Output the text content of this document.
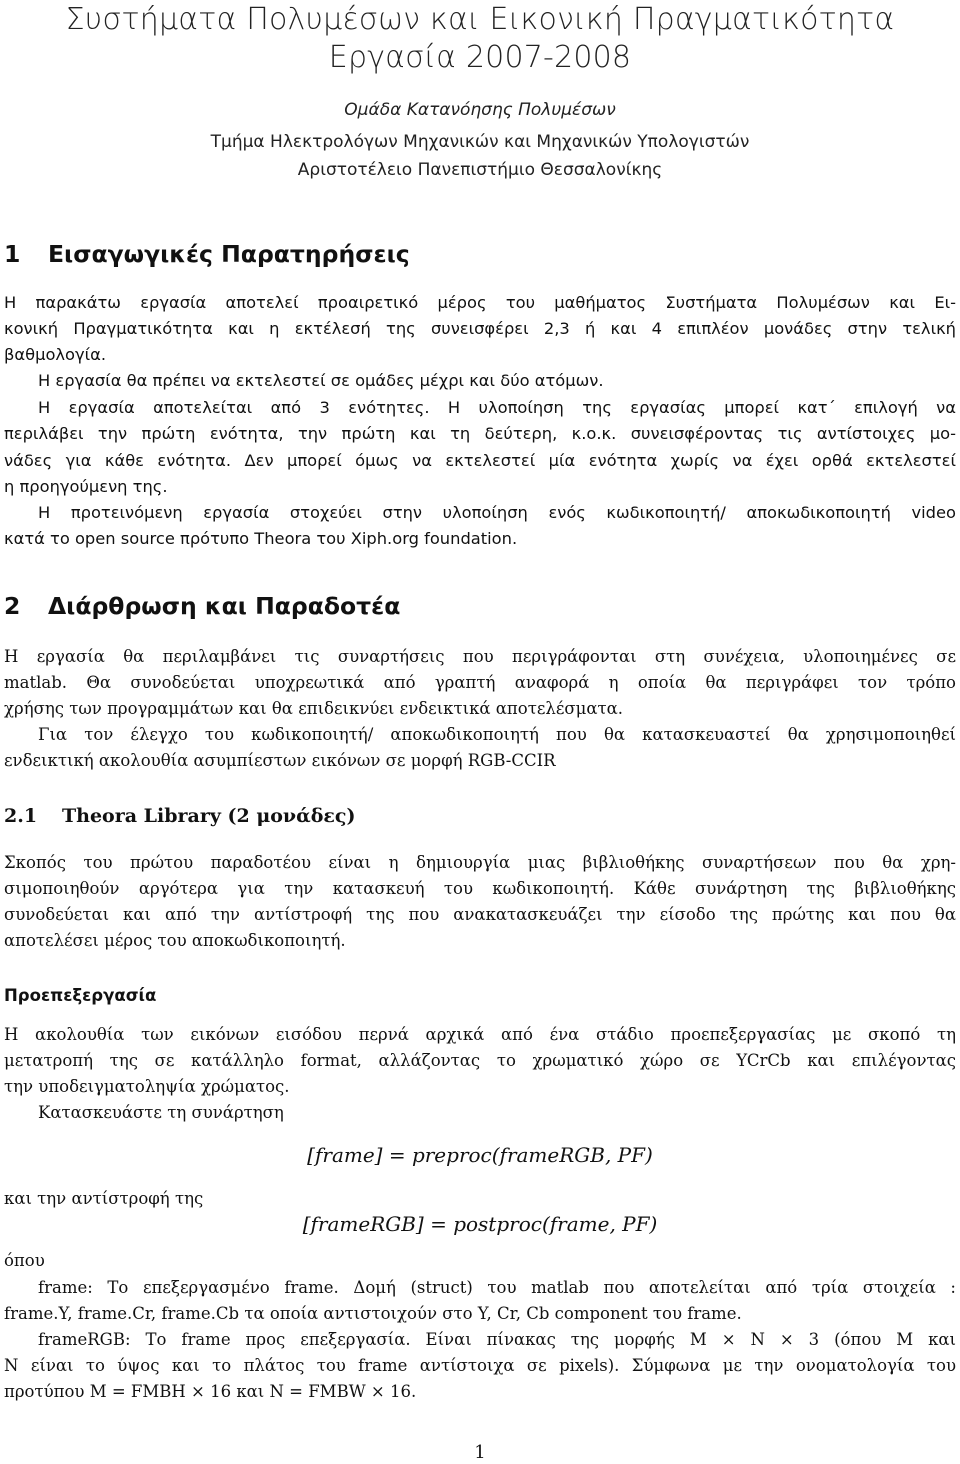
Συστήματα Πολυμέσων και Εικονική Πραγματικότητα
Εργασία 2007-2008
Ομάδα Κατανόησης Πολυμέσων
Τμήμα Ηλεκτρολόγων Μηχανικών και Μηχανικών Υπολογιστών
Αριστοτέλειο Πανεπιστήμιο Θεσσαλονίκης
1 Εισαγωγικές Παρατηρήσεις
Η παρακάτω εργασία αποτελεί προαιρετικό μέρος του μαθήματος Συστήματα Πολυμέσων και Ει-
κονική Πραγματικότητα και η εκτέλεσή της συνεισφέρει 2,3 ή και 4 επιπλέον μονάδες στην τελική
βαθμολογία.
Η εργασία θα πρέπει να εκτελεστεί σε ομάδες μέχρι και δύο ατόμων.
Η εργασία αποτελείται από 3 ενότητες. Η υλοποίηση της εργασίας μπορεί κατ΄ επιλογή να
περιλάβει την πρώτη ενότητα, την πρώτη και τη δεύτερη, κ.ο.κ. συνεισφέροντας τις αντίστοιχες μο-
νάδες για κάθε ενότητα. Δεν μπορεί όμως να εκτελεστεί μία ενότητα χωρίς να έχει ορθά εκτελεστεί
η προηγούμενη της.
Η προτεινόμενη εργασία στοχεύει στην υλοποίηση ενός κωδικοποιητή/ αποκωδικοποιητή video
κατά το open source πρότυπο Theora του Xiph.org foundation.
2 Διάρθρωση και Παραδοτέα
Η εργασία θα περιλαμβάνει τις συναρτήσεις που περιγράφονται στη συνέχεια, υλοποιημένες σε
matlab. Θα συνοδεύεται υποχρεωτικά από γραπτή αναφορά η οποία θα περιγράφει τον τρόπο
χρήσης των προγραμμάτων και θα επιδεικνύει ενδεικτικά αποτελέσματα.
Για τον έλεγχο του κωδικοποιητή/ αποκωδικοποιητή που θα κατασκευαστεί θα χρησιμοποιηθεί
ενδεικτική ακολουθία ασυμπίεστων εικόνων σε μορφή RGB-CCIR
2.1 Theora Library (2 μονάδες)
Σκοπός του πρώτου παραδοτέου είναι η δημιουργία μιας βιβλιοθήκης συναρτήσεων που θα χρη-
σιμοποιηθούν αργότερα για την κατασκευή του κωδικοποιητή. Κάθε συνάρτηση της βιβλιοθήκης
συνοδεύεται και από την αντίστροφή της που ανακατασκευάζει την είσοδο της πρώτης και που θα
αποτελέσει μέρος του αποκωδικοποιητή.
Προεπεξεργασία
Η ακολουθία των εικόνων εισόδου περνά αρχικά από ένα στάδιο προεπεξεργασίας με σκοπό τη
μετατροπή της σε κατάλληλο format, αλλάζοντας το χρωματικό χώρο σε YCrCb και επιλέγοντας
την υποδειγματοληψία χρώματος.
Κατασκευάστε τη συνάρτηση
[frame] = preproc(frameRGB, PF)
και την αντίστροφή της
[frameRGB] = postproc(frame, PF)
όπου
frame: Το επεξεργασμένο frame. Δομή (struct) του matlab που αποτελείται από τρία στοιχεία :
frame.Y, frame.Cr, frame.Cb τα οποία αντιστοιχούν στο Y, Cr, Cb component του frame.
frameRGB: Το frame προς επεξεργασία. Είναι πίνακας της μορφής M × N × 3 (όπου M και
N είναι το ύψος και το πλάτος του frame αντίστοιχα σε pixels). Σύμφωνα με την ονοματολογία του
προτύπου M = FMBH × 16 και N = FMBW × 16.
1
